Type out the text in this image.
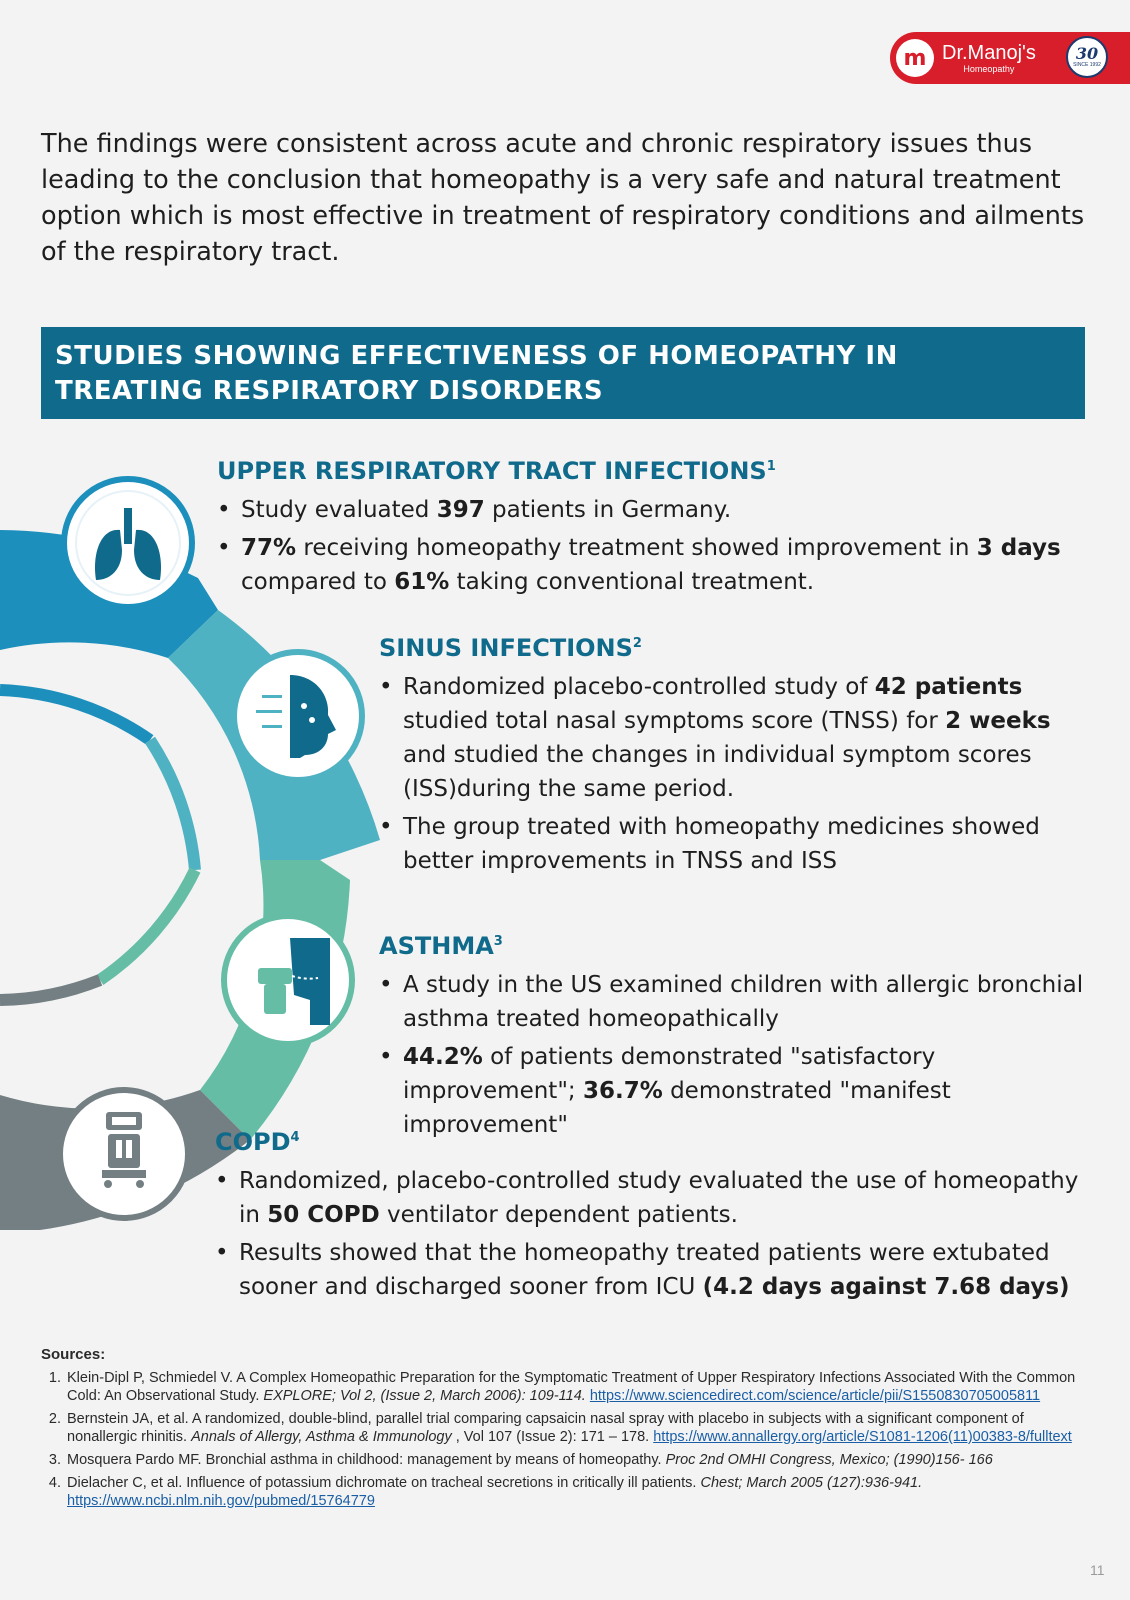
m Dr.Manoj's
Homeopathy
30
SINCE 1992

The findings were consistent across acute and chronic respiratory issues thus leading to the conclusion that homeopathy is a very safe and natural treatment option which is most effective in treatment of respiratory conditions and ailments of the respiratory tract.

STUDIES SHOWING EFFECTIVENESS OF HOMEOPATHY IN
TREATING RESPIRATORY DISORDERS
UPPER RESPIRATORY TRACT INFECTIONS$^1$
• Study evaluated 397 patients in Germany.
• 77% receiving homeopathy treatment showed improvement in 3 days compared to 61% taking conventional treatment.
SINUS INFECTIONS$^2$
• Randomized placebo-controlled study of 42 patients studied total nasal symptoms score (TNSS) for 2 weeks and studied the changes in individual symptom scores (ISS)during the same period.
• The group treated with homeopathy medicines showed better improvements in TNSS and ISS
ASTHMA$^3$
• A study in the US examined children with allergic bronchial asthma treated homeopathically
• 44.2% of patients demonstrated "satisfactory improvement"; 36.7% demonstrated "manifest improvement"
COPD$^4$
• Randomized, placebo-controlled study evaluated the use of homeopathy in 50 COPD ventilator dependent patients.
• Results showed that the homeopathy treated patients were extubated sooner and discharged sooner from ICU (4.2 days against 7.68 days)
Sources:
1. Klein-Dipl P, Schmiedel V. A Complex Homeopathic Preparation for the Symptomatic Treatment of Upper Respiratory Infections Associated With the Common Cold: An Observational Study. EXPLORE; Vol 2, (Issue 2, March 2006): 109-114. https://www.sciencedirect.com/science/article/pii/S1550830705005811
2. Bernstein JA, et al. A randomized, double-blind, parallel trial comparing capsaicin nasal spray with placebo in subjects with a significant component of nonallergic rhinitis. Annals of Allergy, Asthma & Immunology , Vol 107 (Issue 2): 171 – 178. https://www.annallergy.org/article/S1081-1206(11)00383-8/fulltext
3. Mosquera Pardo MF. Bronchial asthma in childhood: management by means of homeopathy. Proc 2nd OMHI Congress, Mexico; (1990)156- 166
4. Dielacher C, et al. Influence of potassium dichromate on tracheal secretions in critically ill patients. Chest; March 2005 (127):936-941. https://www.ncbi.nlm.nih.gov/pubmed/15764779
11
